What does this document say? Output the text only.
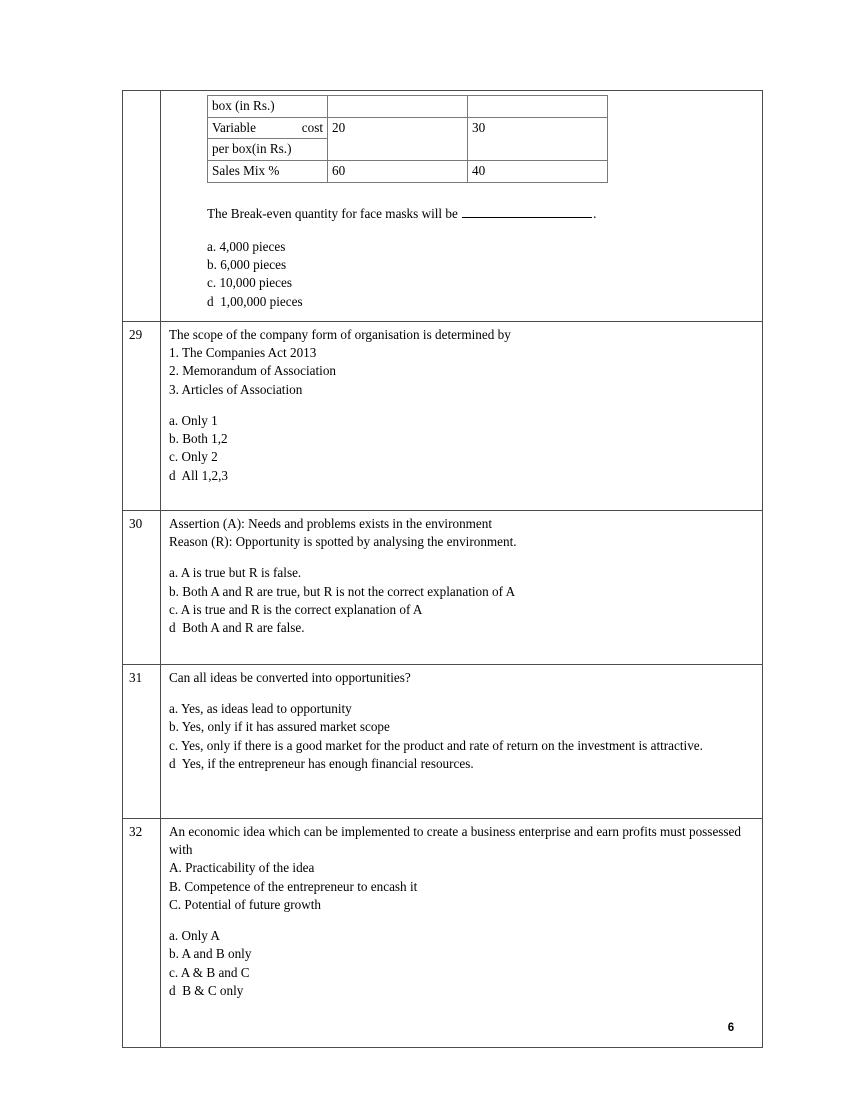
box (in Rs.)		

Variable	cost	20	30
per box(in Rs.)
Sales Mix %	60	40
The Break-even quantity for face masks will be	.
a. 4,000 pieces
b. 6,000 pieces
c. 10,000 pieces
d  1,00,000 pieces

29	The scope of the company form of organisation is determined by
1. The Companies Act 2013
2. Memorandum of Association
3. Articles of Association
a. Only 1
b. Both 1,2
c. Only 2
d  All 1,2,3

30	Assertion (A): Needs and problems exists in the environment
Reason (R): Opportunity is spotted by analysing the environment.
a. A is true but R is false.
b. Both A and R are true, but R is not the correct explanation of A
c. A is true and R is the correct explanation of A
d  Both A and R are false.

31	Can all ideas be converted into opportunities?
a. Yes, as ideas lead to opportunity
b. Yes, only if it has assured market scope
c. Yes, only if there is a good market for the product and rate of return on the investment is attractive.
d  Yes, if the entrepreneur has enough financial resources.

32	An economic idea which can be implemented to create a business enterprise and earn profits must possessed with
A. Practicability of the idea
B. Competence of the entrepreneur to encash it
C. Potential of future growth
a. Only A
b. A and B only
c. A & B and C
d  B & C only
6
